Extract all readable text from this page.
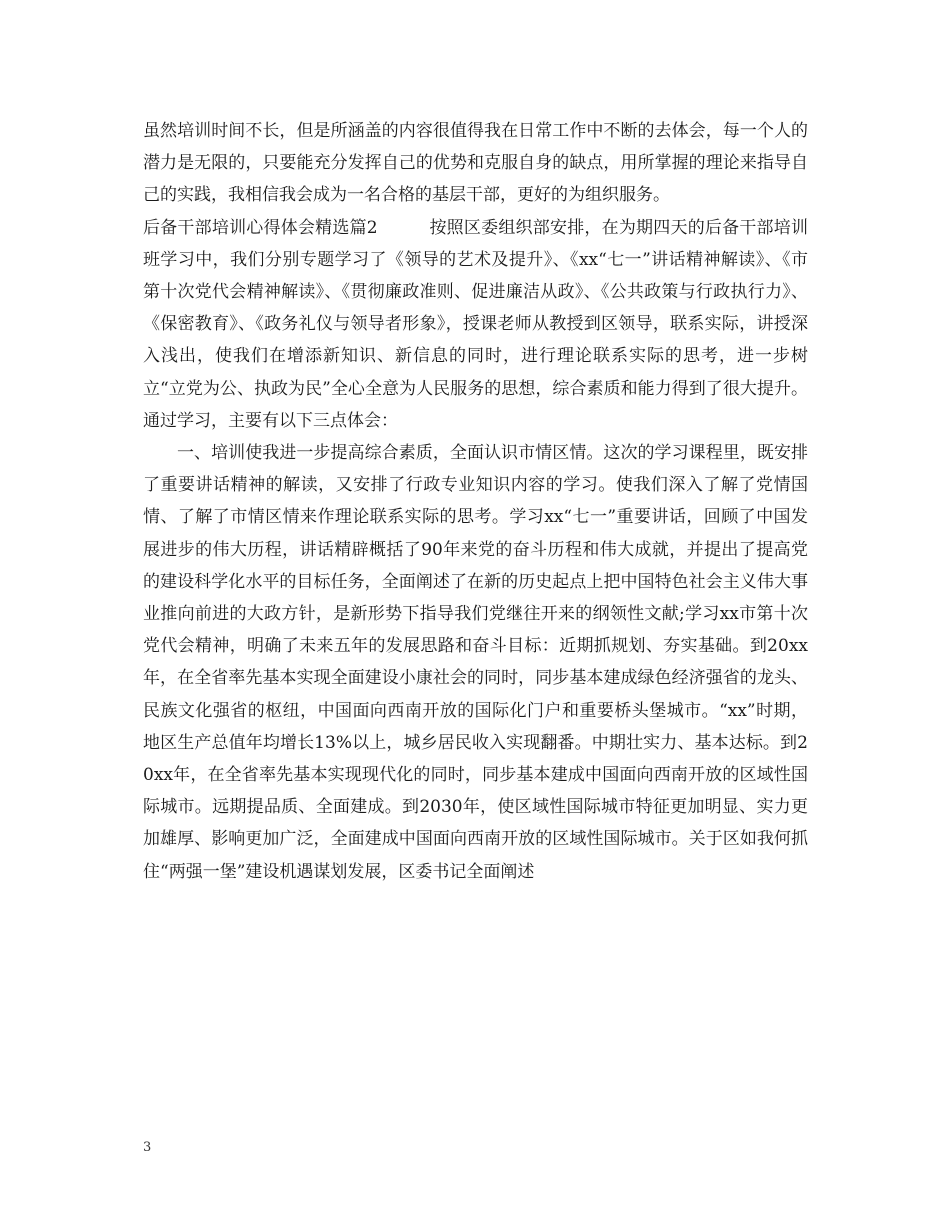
虽然培训时间不长，但是所涵盖的内容很值得我在日常工作中不断的去体会，每一个人的潜力是无限的，只要能充分发挥自己的优势和克服自身的缺点，用所掌握的理论来指导自己的实践，我相信我会成为一名合格的基层干部，更好的为组织服务。

后备干部培训心得体会精选篇2　　　按照区委组织部安排，在为期四天的后备干部培训班学习中，我们分别专题学习了《领导的艺术及提升》、《xx“七一”讲话精神解读》、《市第十次党代会精神解读》、《贯彻廉政准则、促进廉洁从政》、《公共政策与行政执行力》、《保密教育》、《政务礼仪与领导者形象》，授课老师从教授到区领导，联系实际，讲授深入浅出，使我们在增添新知识、新信息的同时，进行理论联系实际的思考，进一步树立“立党为公、执政为民”全心全意为人民服务的思想，综合素质和能力得到了很大提升。通过学习，主要有以下三点体会：

一、培训使我进一步提高综合素质，全面认识市情区情。这次的学习课程里，既安排了重要讲话精神的解读，又安排了行政专业知识内容的学习。使我们深入了解了党情国情、了解了市情区情来作理论联系实际的思考。学习xx“七一”重要讲话，回顾了中国发展进步的伟大历程，讲话精辟概括了90年来党的奋斗历程和伟大成就，并提出了提高党的建设科学化水平的目标任务，全面阐述了在新的历史起点上把中国特色社会主义伟大事业推向前进的大政方针，是新形势下指导我们党继往开来的纲领性文献;学习xx市第十次党代会精神，明确了未来五年的发展思路和奋斗目标：近期抓规划、夯实基础。到20xx年，在全省率先基本实现全面建设小康社会的同时，同步基本建成绿色经济强省的龙头、民族文化强省的枢纽，中国面向西南开放的国际化门户和重要桥头堡城市。“xx”时期，地区生产总值年均增长13%以上，城乡居民收入实现翻番。中期壮实力、基本达标。到20xx年，在全省率先基本实现现代化的同时，同步基本建成中国面向西南开放的区域性国际城市。远期提品质、全面建成。到2030年，使区域性国际城市特征更加明显、实力更加雄厚、影响更加广泛，全面建成中国面向西南开放的区域性国际城市。关于区如我何抓住“两强一堡”建设机遇谋划发展，区委书记全面阐述

3
